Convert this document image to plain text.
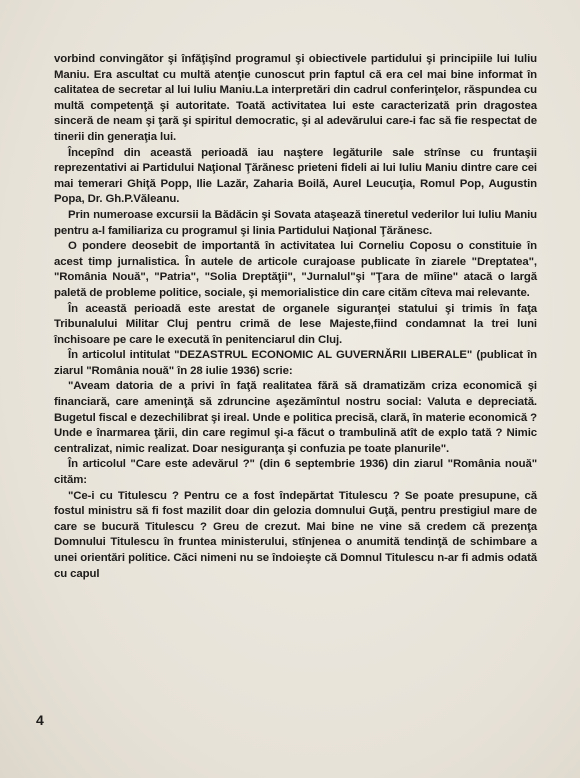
vorbind convingător şi înfăţişînd programul şi obiectivele partidului şi principiile lui Iuliu Maniu. Era ascultat cu multă atenţie cunoscut prin faptul că era cel mai bine informat în calitatea de secretar al lui Iuliu Maniu.La interpretări din cadrul conferinţelor, răspundea cu multă competenţă şi autoritate. Toată activitatea lui este caracterizată prin dragostea sinceră de neam şi ţară şi spiritul democratic, şi al adevărului care-i fac să fie respectat de tinerii din generaţia lui.

Începînd din această perioadă iau naştere legăturile sale strînse cu fruntaşii reprezentativi ai Partidului Naţional Ţărănesc prieteni fideli ai lui Iuliu Maniu dintre care cei mai temerari Ghiţă Popp, Ilie Lazăr, Zaharia Boilă, Aurel Leucuţia, Romul Pop, Augustin Popa, Dr. Gh.P.Văleanu.

Prin numeroase excursii la Bădăcin şi Sovata ataşează tineretul vederilor lui Iuliu Maniu pentru a-l familiariza cu programul şi linia Partidului Naţional Ţărănesc.

O pondere deosebit de importantă în activitatea lui Corneliu Coposu o constituie în acest timp jurnalistica. În autele de articole curajoase publicate în ziarele "Dreptatea", "România Nouă", "Patria", "Solia Dreptăţii", "Jurnalul"şi "Ţara de mîine" atacă o largă paletă de probleme politice, sociale, şi memorialistice din care cităm cîteva mai relevante.

În această perioadă este arestat de organele siguranţei statului şi trimis în faţa Tribunalului Militar Cluj pentru crimă de lese Majeste,fiind condamnat la trei luni închisoare pe care le execută în penitenciarul din Cluj.

În articolul intitulat "DEZASTRUL ECONOMIC AL GUVERNĂRII LIBERALE" (publicat în ziarul "România nouă" în 28 iulie 1936) scrie:

"Aveam datoria de a privi în faţă realitatea fără să dramatizăm criza economică şi financiară, care ameninţă să zdruncine aşezămîntul nostru social: Valuta e depreciată. Bugetul fiscal e dezechilibrat şi ireal. Unde e politica precisă, clară, în materie economică ? Unde e înarmarea ţării, din care regimul şi-a făcut o trambulină atît de explo tată ? Nimic centralizat, nimic realizat. Doar nesiguranţa şi confuzia pe toate planurile".

În articolul "Care este adevărul ?" (din 6 septembrie 1936) din ziarul "România nouă" cităm:

"Ce-i cu Titulescu ? Pentru ce a fost îndepărtat Titulescu ? Se poate presupune, că fostul ministru să fi fost mazilit doar din gelozia domnului Guţă, pentru prestigiul mare de care se bucură Titulescu ? Greu de crezut. Mai bine ne vine să credem că prezenţa Domnului Titulescu în fruntea ministerului, stînjenea o anumită tendinţă de schimbare a unei orientări politice. Căci nimeni nu se îndoieşte că Domnul Titulescu n-ar fi admis odată cu capul

4
